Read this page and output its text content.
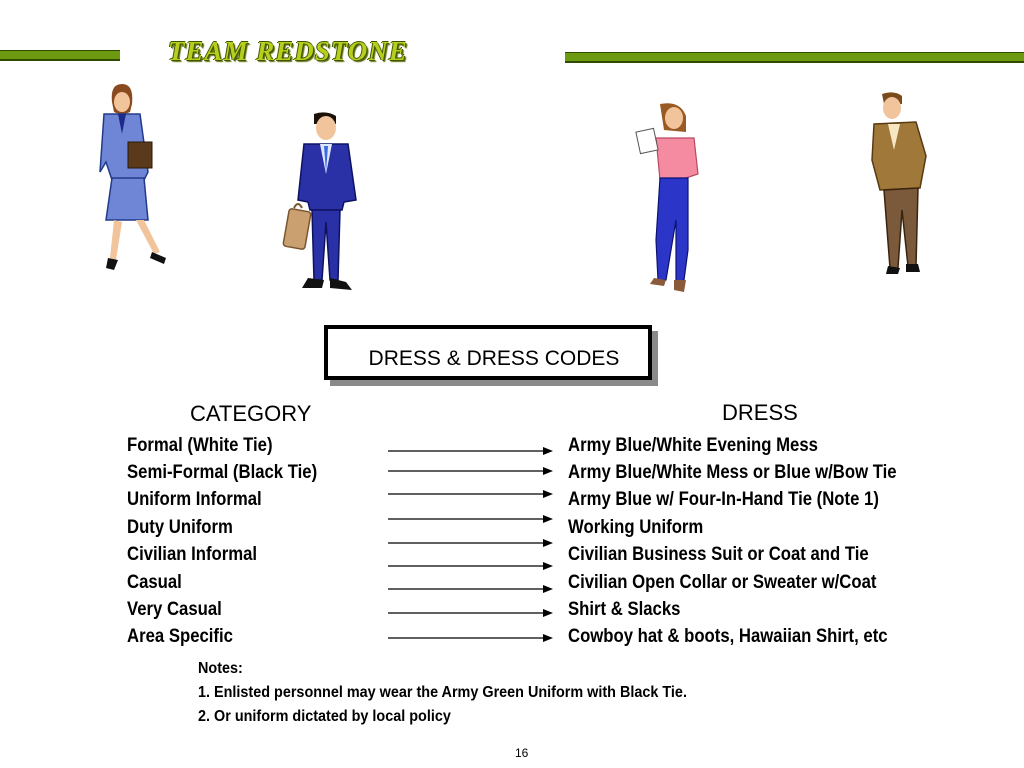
TEAM REDSTONE
DRESS & DRESS CODES
CATEGORY	DRESS
Formal (White Tie)
Semi-Formal (Black Tie)
Uniform Informal
Duty Uniform
Civilian Informal
Casual
Very Casual
Area Specific
Army Blue/White Evening Mess
Army Blue/White Mess or Blue w/Bow Tie
Army Blue w/ Four-In-Hand Tie (Note 1)
Working Uniform
Civilian Business Suit or Coat and Tie
Civilian Open Collar or Sweater w/Coat
Shirt & Slacks
Cowboy hat & boots, Hawaiian Shirt, etc
Notes:
1. Enlisted personnel may wear the Army Green Uniform with Black Tie.
2. Or uniform dictated by local policy
16
